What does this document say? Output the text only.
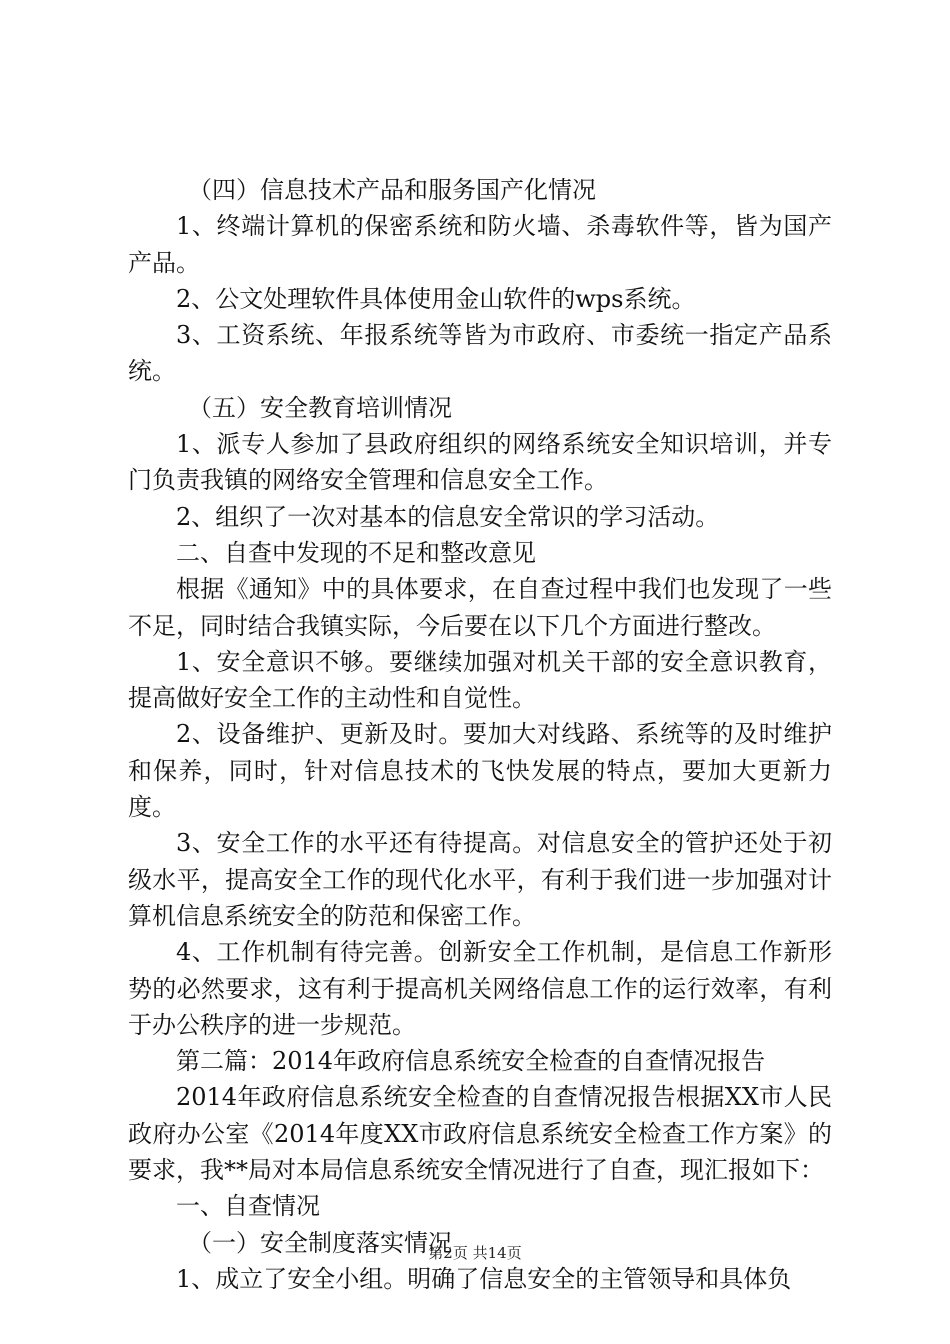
（四）信息技术产品和服务国产化情况

1、终端计算机的保密系统和防火墙、杀毒软件等，皆为国产产品。

2、公文处理软件具体使用金山软件的wps系统。

3、工资系统、年报系统等皆为市政府、市委统一指定产品系统。

（五）安全教育培训情况

1、派专人参加了县政府组织的网络系统安全知识培训，并专门负责我镇的网络安全管理和信息安全工作。

2、组织了一次对基本的信息安全常识的学习活动。

二、自查中发现的不足和整改意见

根据《通知》中的具体要求，在自查过程中我们也发现了一些不足，同时结合我镇实际，今后要在以下几个方面进行整改。

1、安全意识不够。要继续加强对机关干部的安全意识教育，提高做好安全工作的主动性和自觉性。

2、设备维护、更新及时。要加大对线路、系统等的及时维护和保养，同时，针对信息技术的飞快发展的特点，要加大更新力度。

3、安全工作的水平还有待提高。对信息安全的管护还处于初级水平，提高安全工作的现代化水平，有利于我们进一步加强对计算机信息系统安全的防范和保密工作。

4、工作机制有待完善。创新安全工作机制，是信息工作新形势的必然要求，这有利于提高机关网络信息工作的运行效率，有利于办公秩序的进一步规范。

第二篇：2014年政府信息系统安全检查的自查情况报告

2014年政府信息系统安全检查的自查情况报告根据XX市人民政府办公室《2014年度XX市政府信息系统安全检查工作方案》的要求，我**局对本局信息系统安全情况进行了自查，现汇报如下：

一、自查情况

（一）安全制度落实情况

1、成立了安全小组。明确了信息安全的主管领导和具体负

第2页 共14页
